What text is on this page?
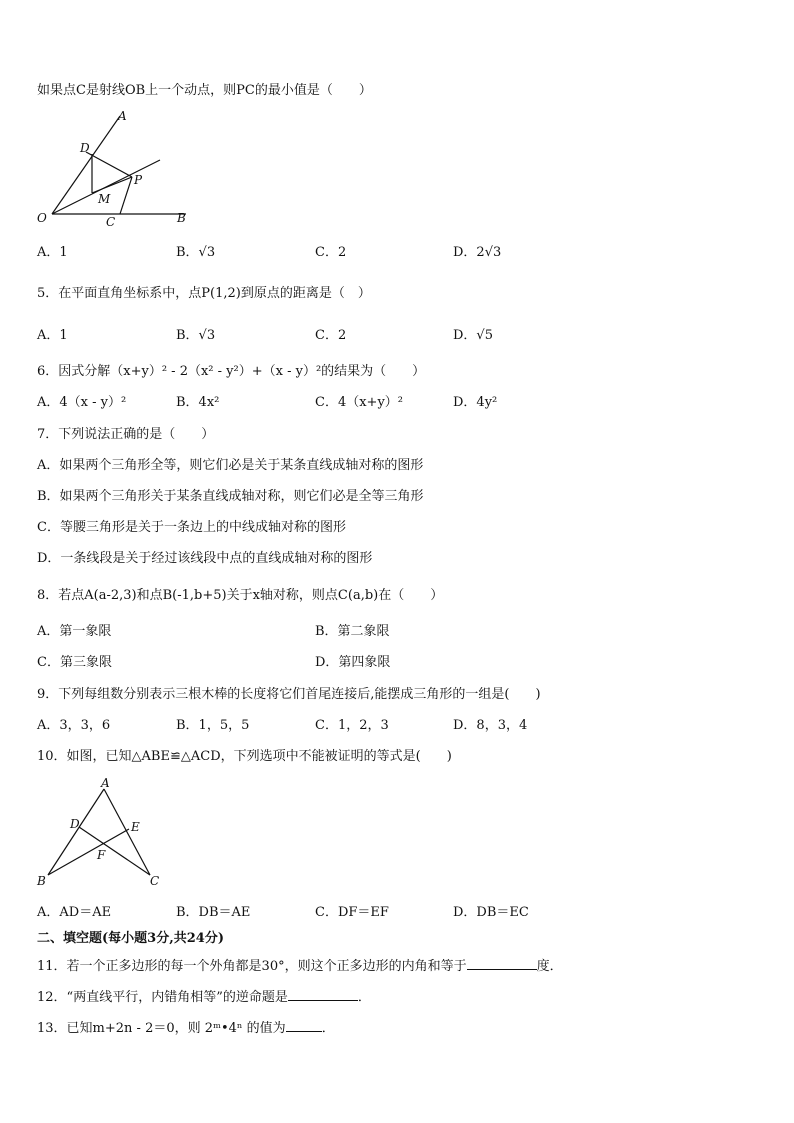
如果点C是射线OB上一个动点，则PC的最小值是（　　）
A
D
P
M
O	C	B
A．1	B．√3	C．2	D．2√3
5．在平面直角坐标系中，点P(1,2)到原点的距离是（　）
A．1	B．√3	C．2	D．√5
6．因式分解（x+y）² - 2（x² - y²）+（x - y）²的结果为（　　）
A．4（x - y）²	B．4x²	C．4（x+y）²	D．4y²
7．下列说法正确的是（　　）
A．如果两个三角形全等，则它们必是关于某条直线成轴对称的图形
B．如果两个三角形关于某条直线成轴对称，则它们必是全等三角形
C．等腰三角形是关于一条边上的中线成轴对称的图形
D．一条线段是关于经过该线段中点的直线成轴对称的图形
8．若点A(a-2,3)和点B(-1,b+5)关于x轴对称，则点C(a,b)在（　　）
A．第一象限	B．第二象限
C．第三象限	D．第四象限
9．下列每组数分别表示三根木棒的长度将它们首尾连接后,能摆成三角形的一组是(　　)
A．3，3，6	B．1，5，5	C．1，2，3	D．8，3，4
10．如图，已知△ABE≌△ACD，下列选项中不能被证明的等式是(　　)
A
D	E
F
B	C
A．AD＝AE	B．DB＝AE	C．DF＝EF	D．DB＝EC
二、填空题(每小题3分,共24分)
11．若一个正多边形的每一个外角都是30°，则这个正多边形的内角和等于	度．
12．“两直线平行，内错角相等”的逆命题是	．
13．已知m+2n - 2＝0，则 2ᵐ•4ⁿ 的值为	．
